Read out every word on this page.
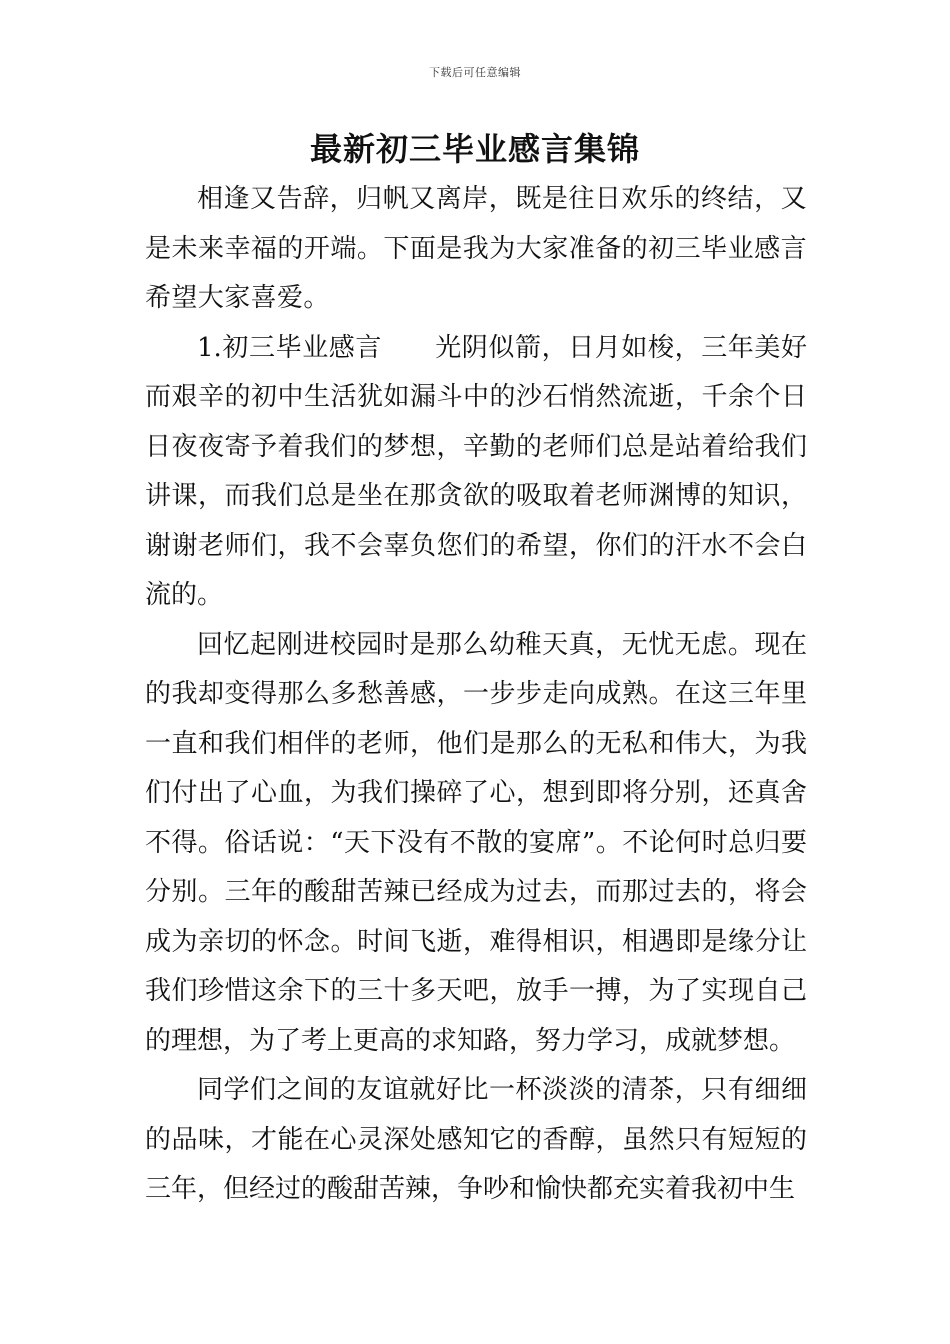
下载后可任意编辑
最新初三毕业感言集锦

相逢又告辞，归帆又离岸，既是往日欢乐的终结，又是未来幸福的开端。下面是我为大家准备的初三毕业感言希望大家喜爱。

1.初三毕业感言　　光阴似箭，日月如梭，三年美好而艰辛的初中生活犹如漏斗中的沙石悄然流逝，千余个日日夜夜寄予着我们的梦想，辛勤的老师们总是站着给我们讲课，而我们总是坐在那贪欲的吸取着老师渊博的知识，谢谢老师们，我不会辜负您们的希望，你们的汗水不会白流的。

回忆起刚进校园时是那么幼稚天真，无忧无虑。现在的我却变得那么多愁善感，一步步走向成熟。在这三年里一直和我们相伴的老师，他们是那么的无私和伟大，为我们付出了心血，为我们操碎了心，想到即将分别，还真舍不得。俗话说：“天下没有不散的宴席”。不论何时总归要分别。三年的酸甜苦辣已经成为过去，而那过去的，将会成为亲切的怀念。时间飞逝，难得相识，相遇即是缘分让我们珍惜这余下的三十多天吧，放手一搏，为了实现自己的理想，为了考上更高的求知路，努力学习，成就梦想。

同学们之间的友谊就好比一杯淡淡的清茶，只有细细的品味，才能在心灵深处感知它的香醇，虽然只有短短的三年，但经过的酸甜苦辣，争吵和愉快都充实着我初中生
